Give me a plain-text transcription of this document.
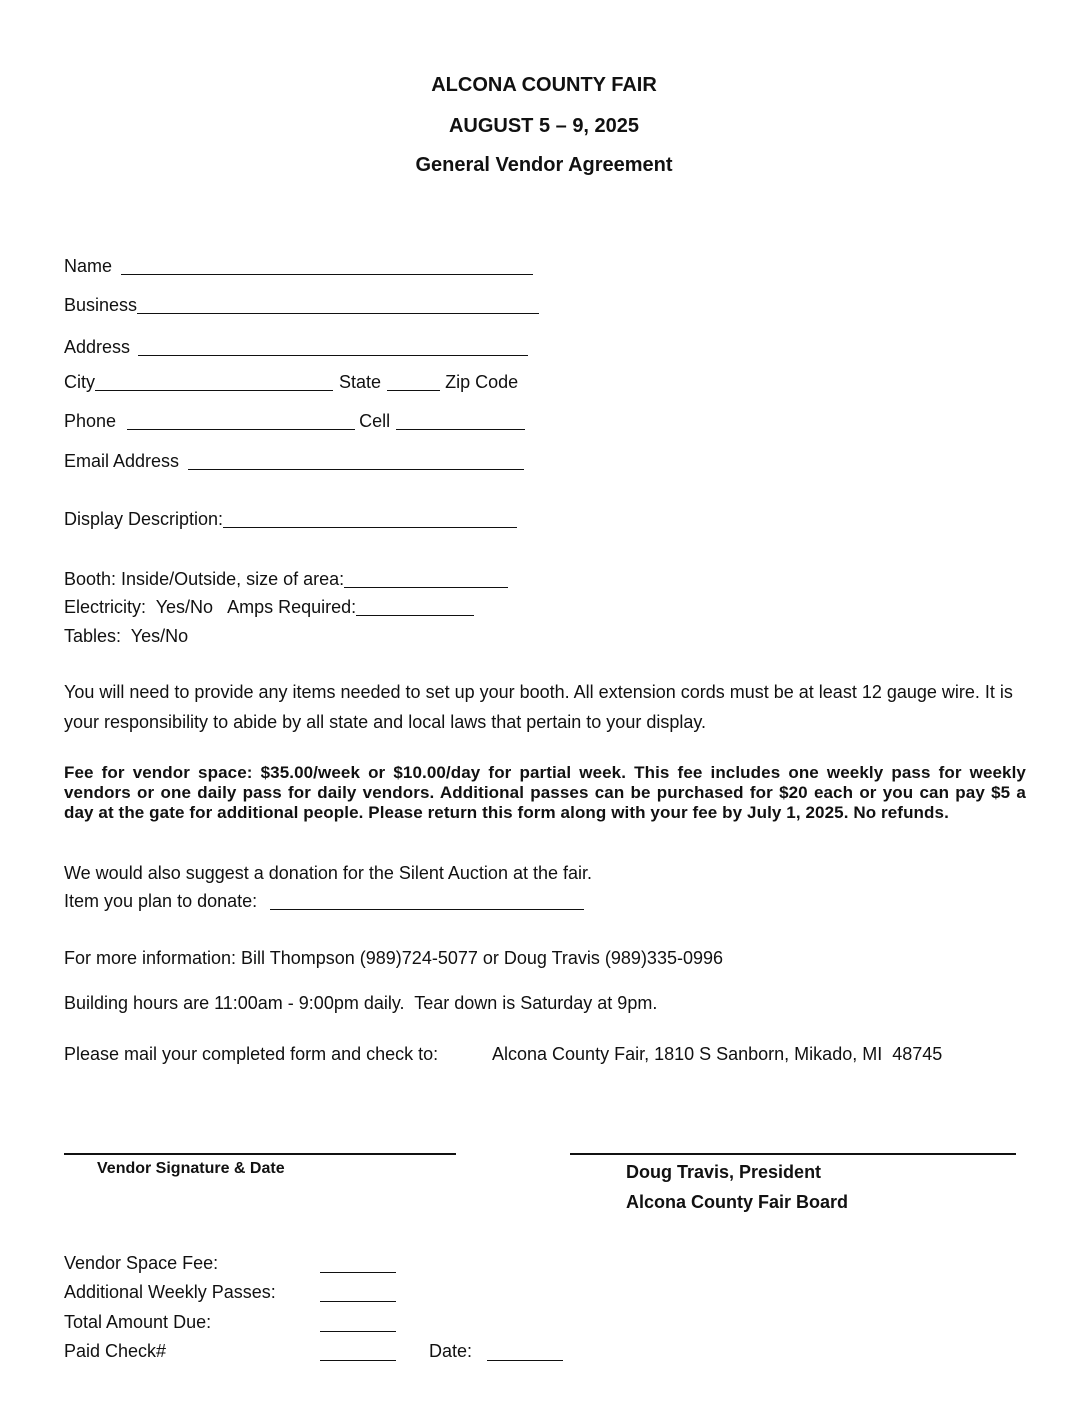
ALCONA COUNTY FAIR
AUGUST 5 – 9, 2025
General Vendor Agreement
Name
Business
Address
City	State	Zip Code
Phone	Cell
Email Address
Display Description:
Booth: Inside/Outside, size of area:
Electricity:  Yes/No   Amps Required:
Tables:  Yes/No
You will need to provide any items needed to set up your booth. All extension cords must be at least 12 gauge wire. It is your responsibility to abide by all state and local laws that pertain to your display.
Fee for vendor space: $35.00/week or $10.00/day for partial week. This fee includes one weekly pass for weekly vendors or one daily pass for daily vendors. Additional passes can be purchased for $20 each or you can pay $5 a day at the gate for additional people. Please return this form along with your fee by July 1, 2025. No refunds.
We would also suggest a donation for the Silent Auction at the fair.
Item you plan to donate:
For more information: Bill Thompson (989)724-5077 or Doug Travis (989)335-0996
Building hours are 11:00am - 9:00pm daily.  Tear down is Saturday at 9pm.
Please mail your completed form and check to:	Alcona County Fair, 1810 S Sanborn, Mikado, MI  48745
Vendor Signature & Date	Doug Travis, President
Alcona County Fair Board
Vendor Space Fee:
Additional Weekly Passes:
Total Amount Due:
Paid Check#	Date:
